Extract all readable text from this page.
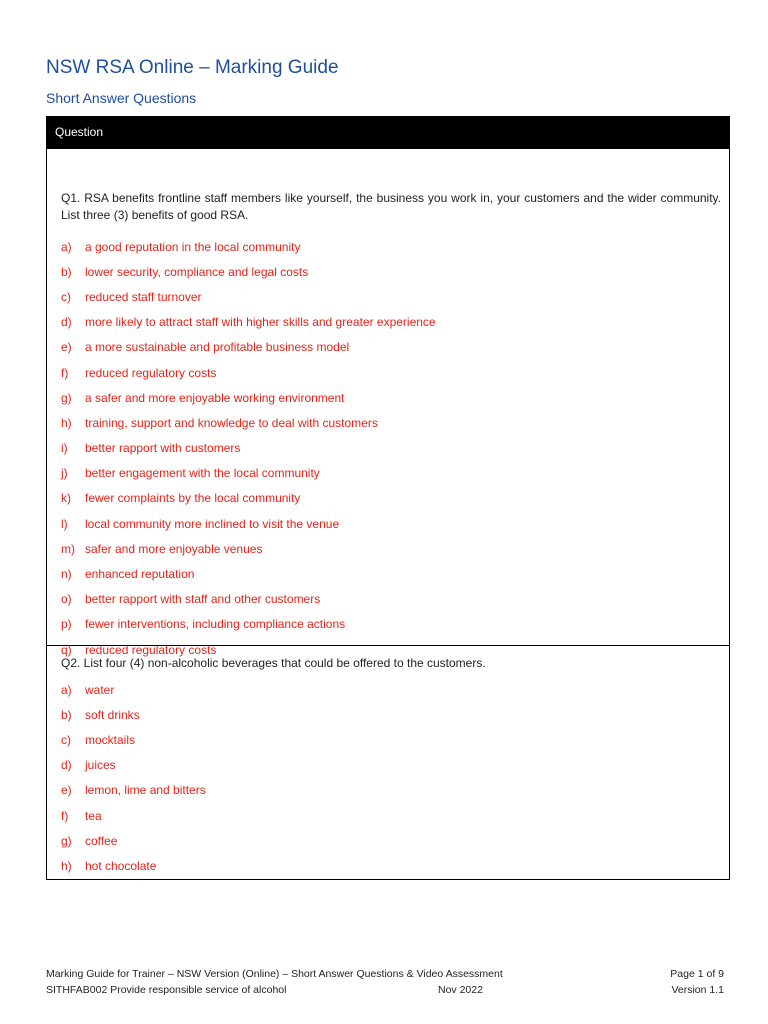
NSW RSA Online – Marking Guide
Short Answer Questions
Question

Q1. RSA benefits frontline staff members like yourself, the business you work in, your customers and the wider community. List three (3) benefits of good RSA.

a)	a good reputation in the local community
b)	lower security, compliance and legal costs
c)	reduced staff turnover
d)	more likely to attract staff with higher skills and greater experience
e)	a more sustainable and profitable business model
f)	reduced regulatory costs
g)	a safer and more enjoyable working environment
h)	training, support and knowledge to deal with customers
i)	better rapport with customers
j)	better engagement with the local community
k)	fewer complaints by the local community
l)	local community more inclined to visit the venue
m) safer and more enjoyable venues
n)	enhanced reputation
o)	better rapport with staff and other customers
p)	fewer interventions, including compliance actions
q)	reduced regulatory costs

Q2. List four (4) non-alcoholic beverages that could be offered to the customers.

a)	water
b)	soft drinks
c)	mocktails
d)	juices
e)	lemon, lime and bitters
f)	tea
g)	coffee
h)	hot chocolate
Marking Guide for Trainer – NSW Version (Online) – Short Answer Questions & Video Assessment	Page 1 of 9
SITHFAB002 Provide responsible service of alcohol	Nov 2022	Version 1.1
